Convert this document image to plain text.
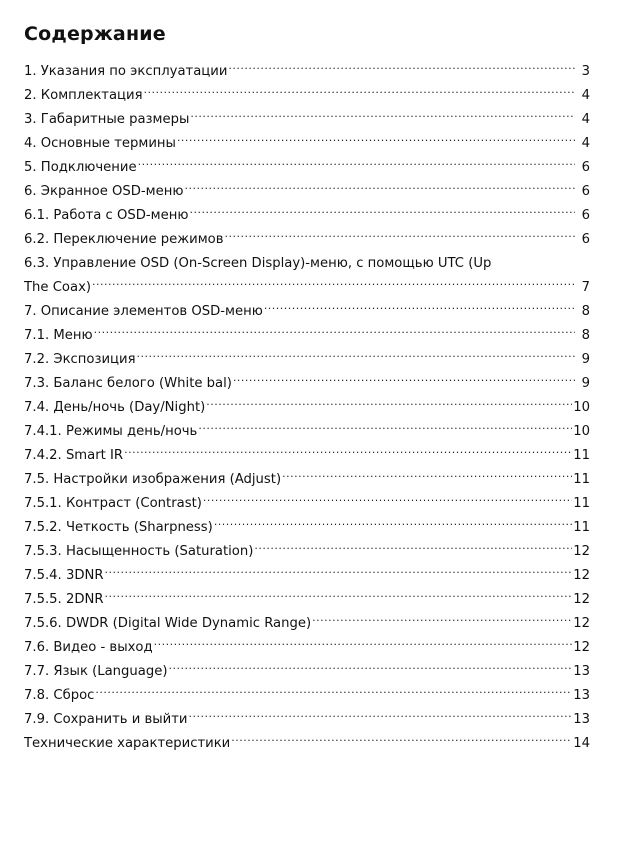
Содержание
1. Указания по эксплуатации .....	3
2. Комплектация .....	4
3. Габаритные размеры .....	4
4. Основные термины .....	4
5. Подключение .....	6
6. Экранное OSD-меню .....	6
6.1. Работа с OSD-меню .....	6
6.2. Переключение режимов .....	6
6.3. Управление OSD (On-Screen Display)-меню, с помощью UTC (Up
The Coax) .....	7
7. Описание элементов OSD-меню .....	8
7.1. Меню .....	8
7.2. Экспозиция .....	9
7.3. Баланс белого (White bal) .....	9
7.4. День/ночь (Day/Night) .....	10
7.4.1. Режимы день/ночь .....	10
7.4.2. Smart IR .....	11
7.5. Настройки изображения (Adjust) .....	11
7.5.1. Контраст (Contrast) .....	11
7.5.2. Четкость (Sharpness) .....	11
7.5.3. Насыщенность (Saturation) .....	12
7.5.4. 3DNR .....	12
7.5.5. 2DNR .....	12
7.5.6. DWDR (Digital Wide Dynamic Range) .....	12
7.6. Видео - выход .....	12
7.7. Язык (Language) .....	13
7.8. Сброс .....	13
7.9. Сохранить и выйти .....	13
Технические характеристики .....	14
